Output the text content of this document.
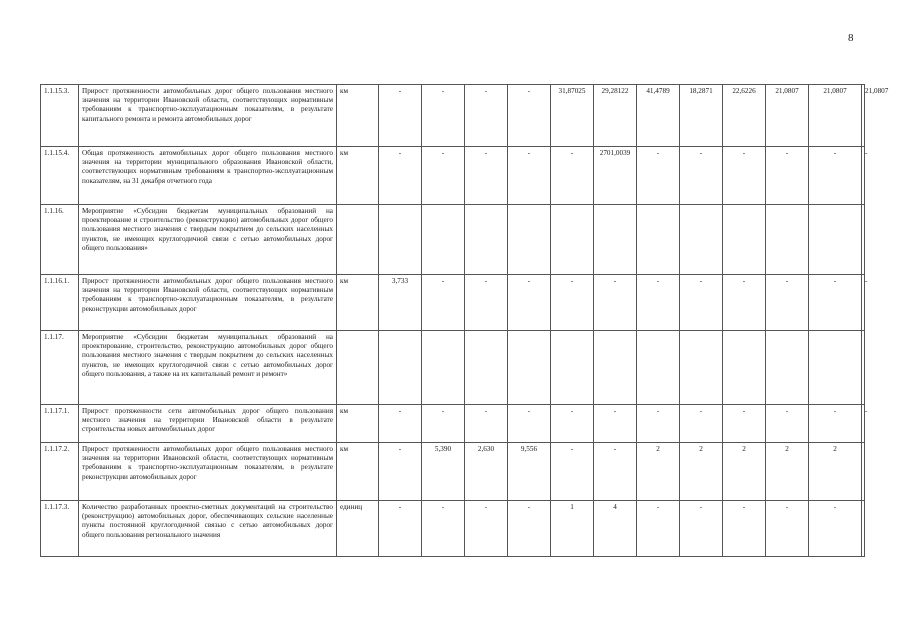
8
1.1.15.3.	Прирост протяженности автомобильных дорог общего пользования местного значения на территории Ивановской области, соответствующих нормативным требованиям к транспортно-эксплуатационным показателям, в результате капитального ремонта и ремонта автомобильных дорог	км	-	-	-	-	31,87025	29,28122	41,4789	18,2871	22,6226	21,0807	21,0807	21,0807
1.1.15.4.	Общая протяженность автомобильных дорог общего пользования местного значения на территории муниципального образования Ивановской области, соответствующих нормативным требованиям к транспортно-эксплуатационным показателям, на 31 декабря отчетного года	км	-	-	-	-	-	2701,0039	-	-	-	-	-	-
1.1.16.	Мероприятие «Субсидии бюджетам муниципальных образований на проектирование и строительство (реконструкцию) автомобильных дорог общего пользования местного значения с твердым покрытием до сельских населенных пунктов, не имеющих круглогодичной связи с сетью автомобильных дорог общего пользования»													
1.1.16.1.	Прирост протяженности автомобильных дорог общего пользования местного значения на территории Ивановской области, соответствующих нормативным требованиям к транспортно-эксплуатационным показателям, в результате реконструкции автомобильных дорог	км	3,733	-	-	-	-	-	-	-	-	-	-	-
1.1.17.	Мероприятие «Субсидии бюджетам муниципальных образований на проектирование, строительство, реконструкцию автомобильных дорог общего пользования местного значения с твердым покрытием до сельских населенных пунктов, не имеющих круглогодичной связи с сетью автомобильных дорог общего пользования, а также на их капитальный ремонт и ремонт»													
1.1.17.1.	Прирост протяженности сети автомобильных дорог общего пользования местного значения на территории Ивановской области в результате строительства новых автомобильных дорог	км	-	-	-	-	-	-	-	-	-	-	-	-
1.1.17.2.	Прирост протяженности автомобильных дорог общего пользования местного значения на территории Ивановской области, соответствующих нормативным требованиям к транспортно-эксплуатационным показателям, в результате реконструкции автомобильных дорог	км	-	5,390	2,630	9,556	-	-	2	2	2	2	2	
1.1.17.3.	Количество разработанных проектно-сметных документаций на строительство (реконструкцию) автомобильных дорог, обеспечивающих сельские населенные пункты постоянной круглогодичной связью с сетью автомобильных дорог общего пользования регионального значения	единиц	-	-	-	-	1	4	-	-	-	-	-	
